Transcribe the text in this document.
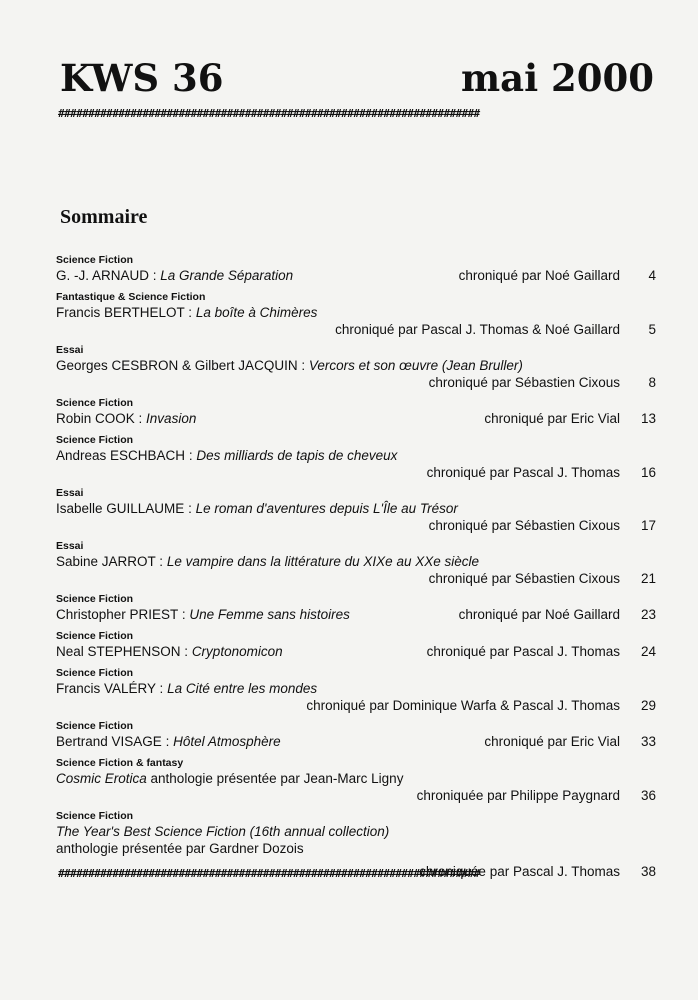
KWS 36	mai 2000
######################################################################
Sommaire
Science Fiction
G. -J. ARNAUD : La Grande Séparation	chroniqué par Noé Gaillard 4
Fantastique & Science Fiction
Francis BERTHELOT : La boîte à Chimères
chroniqué par Pascal J. Thomas & Noé Gaillard	5
Essai
Georges CESBRON & Gilbert JACQUIN : Vercors et son œuvre (Jean Bruller)
chroniqué par Sébastien Cixous	8
Science Fiction
Robin COOK : Invasion	chroniqué par Eric Vial 13
Science Fiction
Andreas ESCHBACH : Des milliards de tapis de cheveux
chroniqué par Pascal J. Thomas	16
Essai
Isabelle GUILLAUME : Le roman d'aventures depuis L'Île au Trésor
chroniqué par Sébastien Cixous	17
Essai
Sabine JARROT : Le vampire dans la littérature du XIXe au XXe siècle
chroniqué par Sébastien Cixous	21
Science Fiction
Christopher PRIEST : Une Femme sans histoires	chroniqué par Noé Gaillard 23
Science Fiction
Neal STEPHENSON : Cryptonomicon	chroniqué par Pascal J. Thomas 24
Science Fiction
Francis VALÉRY : La Cité entre les mondes
chroniqué par Dominique Warfa & Pascal J. Thomas	29
Science Fiction
Bertrand VISAGE : Hôtel Atmosphère	chroniqué par Eric Vial 33
Science Fiction & fantasy
Cosmic Erotica anthologie présentée par Jean-Marc Ligny
chroniquée par Philippe Paygnard	36
Science Fiction
The Year's Best Science Fiction (16th annual collection)
anthologie présentée par Gardner Dozois
chroniquée par Pascal J. Thomas	38
######################################################################
